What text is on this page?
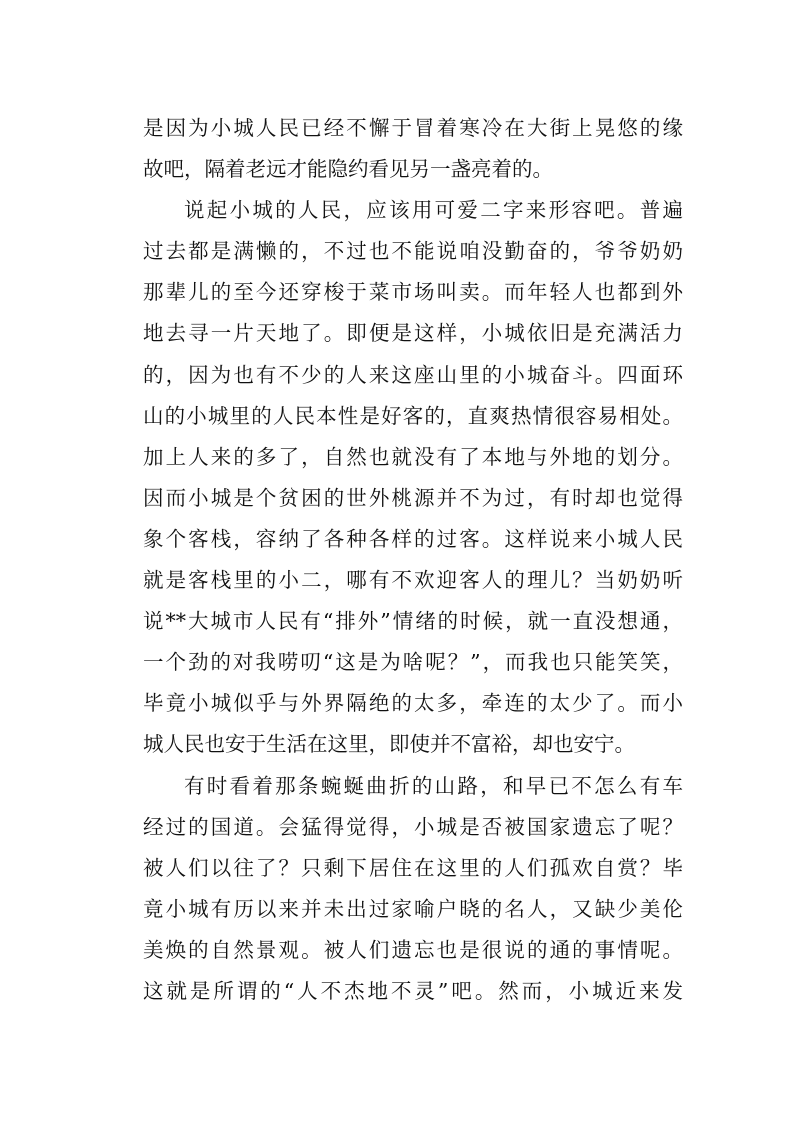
是因为小城人民已经不懈于冒着寒冷在大街上晃悠的缘
故吧，隔着老远才能隐约看见另一盏亮着的。
说起小城的人民，应该用可爱二字来形容吧。普遍
过去都是满懒的，不过也不能说咱没勤奋的，爷爷奶奶
那辈儿的至今还穿梭于菜市场叫卖。而年轻人也都到外
地去寻一片天地了。即便是这样，小城依旧是充满活力
的，因为也有不少的人来这座山里的小城奋斗。四面环
山的小城里的人民本性是好客的，直爽热情很容易相处。
加上人来的多了，自然也就没有了本地与外地的划分。
因而小城是个贫困的世外桃源并不为过，有时却也觉得
象个客栈，容纳了各种各样的过客。这样说来小城人民
就是客栈里的小二，哪有不欢迎客人的理儿？当奶奶听
说**大城市人民有“排外”情绪的时候，就一直没想通，
一个劲的对我唠叨“这是为啥呢？”，而我也只能笑笑，
毕竟小城似乎与外界隔绝的太多，牵连的太少了。而小
城人民也安于生活在这里，即使并不富裕，却也安宁。
有时看着那条蜿蜒曲折的山路，和早已不怎么有车
经过的国道。会猛得觉得，小城是否被国家遗忘了呢？
被人们以往了？只剩下居住在这里的人们孤欢自赏？毕
竟小城有历以来并未出过家喻户晓的名人，又缺少美伦
美焕的自然景观。被人们遗忘也是很说的通的事情呢。
这就是所谓的“人不杰地不灵”吧。然而，小城近来发
